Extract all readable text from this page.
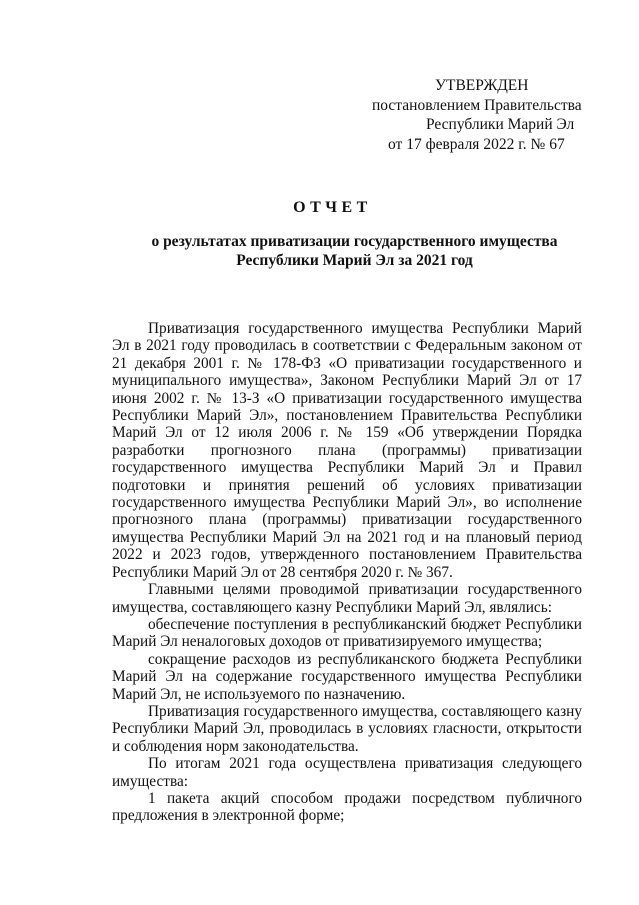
УТВЕРЖДЕН
постановлением Правительства
Республики Марий Эл
от 17 февраля 2022 г. № 67
ОТЧЕТ
о результатах приватизации государственного имущества
Республики Марий Эл за 2021 год

Приватизация государственного имущества Республики Марий Эл в 2021 году проводилась в соответствии с Федеральным законом от 21 декабря 2001 г. № 178-ФЗ «О приватизации государственного и муниципального имущества», Законом Республики Марий Эл от 17 июня 2002 г. № 13-З «О приватизации государственного имущества Республики Марий Эл», постановлением Правительства Республики Марий Эл от 12 июля 2006 г. № 159 «Об утверждении Порядка разработки прогнозного плана (программы) приватизации государственного имущества Республики Марий Эл и Правил подготовки и принятия решений об условиях приватизации государственного имущества Республики Марий Эл», во исполнение прогнозного плана (программы) приватизации государственного имущества Республики Марий Эл на 2021 год и на плановый период 2022 и 2023 годов, утвержденного постановлением Правительства Республики Марий Эл от 28 сентября 2020 г. № 367.

Главными целями проводимой приватизации государственного имущества, составляющего казну Республики Марий Эл, являлись:

обеспечение поступления в республиканский бюджет Республики Марий Эл неналоговых доходов от приватизируемого имущества;

сокращение расходов из республиканского бюджета Республики Марий Эл на содержание государственного имущества Республики Марий Эл, не используемого по назначению.

Приватизация государственного имущества, составляющего казну Республики Марий Эл, проводилась в условиях гласности, открытости и соблюдения норм законодательства.

По итогам 2021 года осуществлена приватизация следующего имущества:

1 пакета акций способом продажи посредством публичного предложения в электронной форме;
